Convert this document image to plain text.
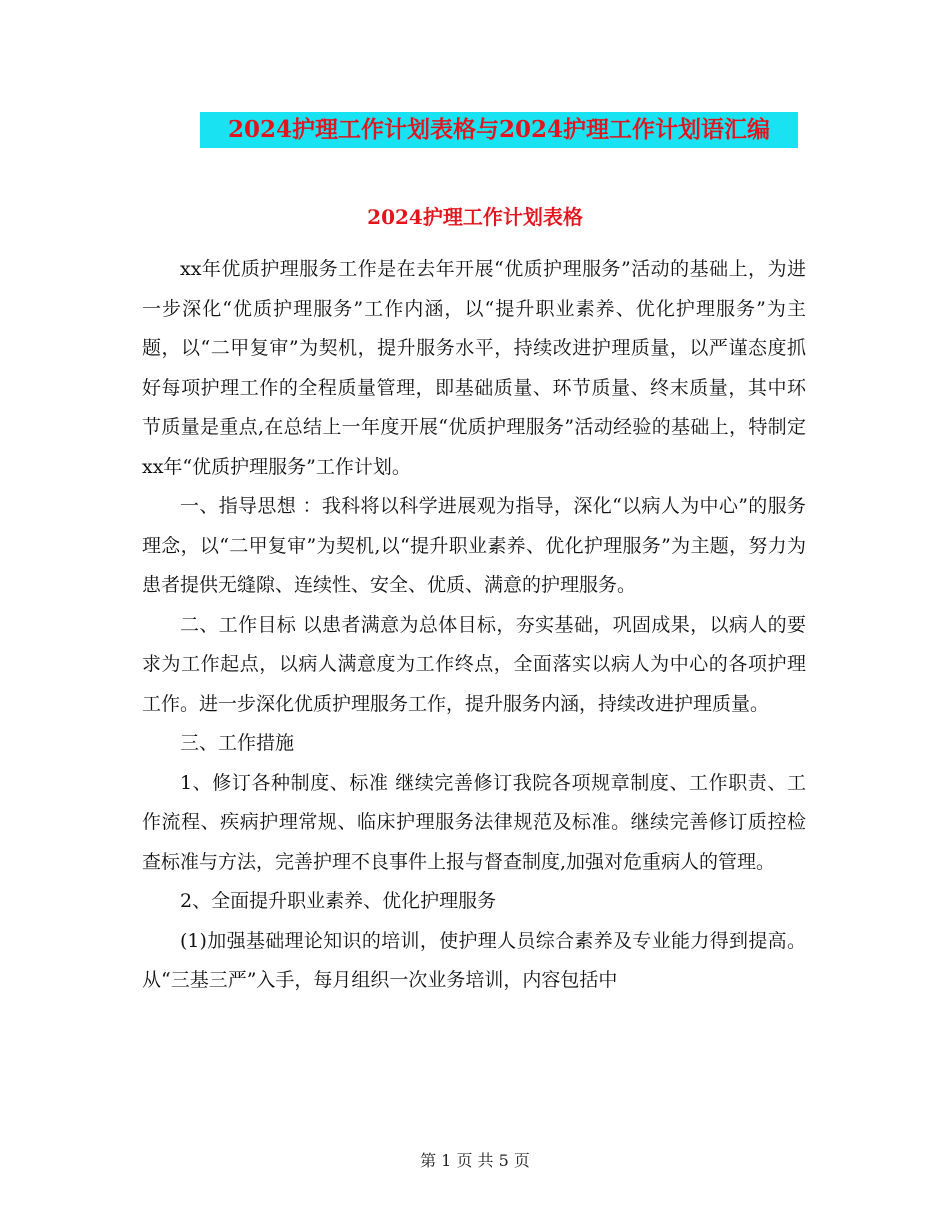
2024护理工作计划表格与2024护理工作计划语汇编
2024护理工作计划表格

xx年优质护理服务工作是在去年开展“优质护理服务”活动的基础上，为进一步深化“优质护理服务”工作内涵，以“提升职业素养、优化护理服务”为主题，以“二甲复审”为契机，提升服务水平，持续改进护理质量，以严谨态度抓好每项护理工作的全程质量管理，即基础质量、环节质量、终末质量，其中环节质量是重点,在总结上一年度开展“优质护理服务”活动经验的基础上，特制定xx年“优质护理服务”工作计划。

一、指导思想 ：我科将以科学进展观为指导，深化“以病人为中心”的服务理念，以“二甲复审”为契机,以“提升职业素养、优化护理服务”为主题，努力为患者提供无缝隙、连续性、安全、优质、满意的护理服务。

二、工作目标 以患者满意为总体目标，夯实基础，巩固成果，以病人的要求为工作起点，以病人满意度为工作终点，全面落实以病人为中心的各项护理工作。进一步深化优质护理服务工作，提升服务内涵，持续改进护理质量。

三、工作措施

1、修订各种制度、标准 继续完善修订我院各项规章制度、工作职责、工作流程、疾病护理常规、临床护理服务法律规范及标准。继续完善修订质控检查标准与方法，完善护理不良事件上报与督查制度,加强对危重病人的管理。

2、全面提升职业素养、优化护理服务

(1)加强基础理论知识的培训，使护理人员综合素养及专业能力得到提高。从“三基三严”入手，每月组织一次业务培训，内容包括中

第 1 页 共 5 页
